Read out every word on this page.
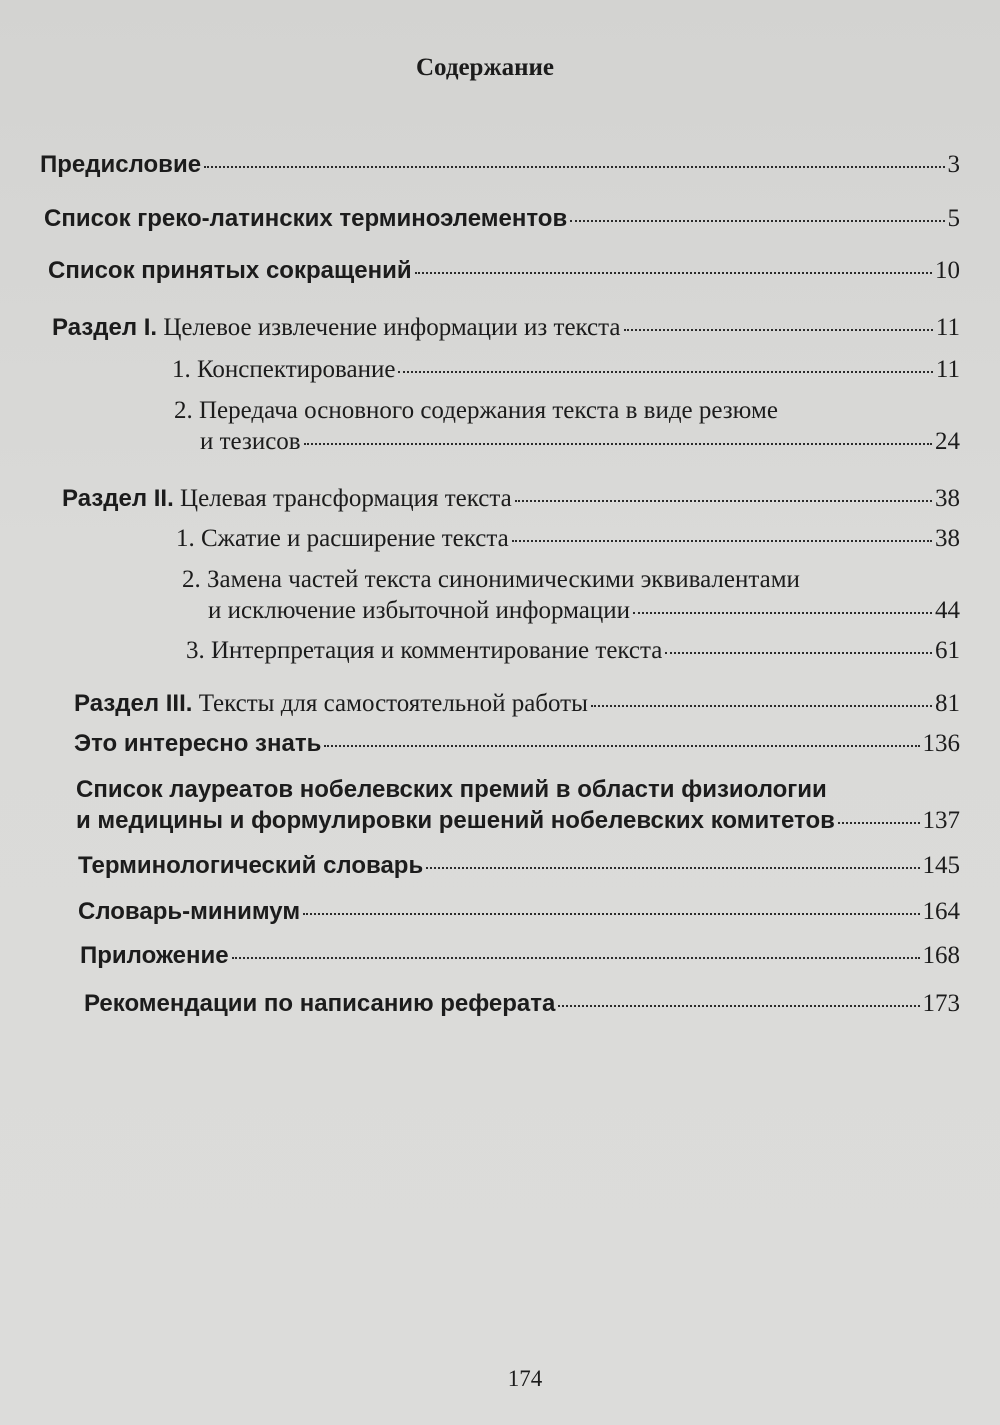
Содержание
Предисловие	3
Список греко-латинских терминоэлементов	5
Список принятых сокращений	10
Раздел I. Целевое извлечение информации из текста	11
1. Конспектирование	11
2. Передача основного содержания текста в виде резюме
и тезисов	24
Раздел II. Целевая трансформация текста	38
1. Сжатие и расширение текста	38
2. Замена частей текста синонимическими эквивалентами
и исключение избыточной информации	44
3. Интерпретация и комментирование текста	61
Раздел III. Тексты для самостоятельной работы	81
Это интересно знать	136
Список лауреатов нобелевских премий в области физиологии
и медицины и формулировки решений нобелевских комитетов	137
Терминологический словарь	145
Словарь-минимум	164
Приложение	168
Рекомендации по написанию реферата	173
174
